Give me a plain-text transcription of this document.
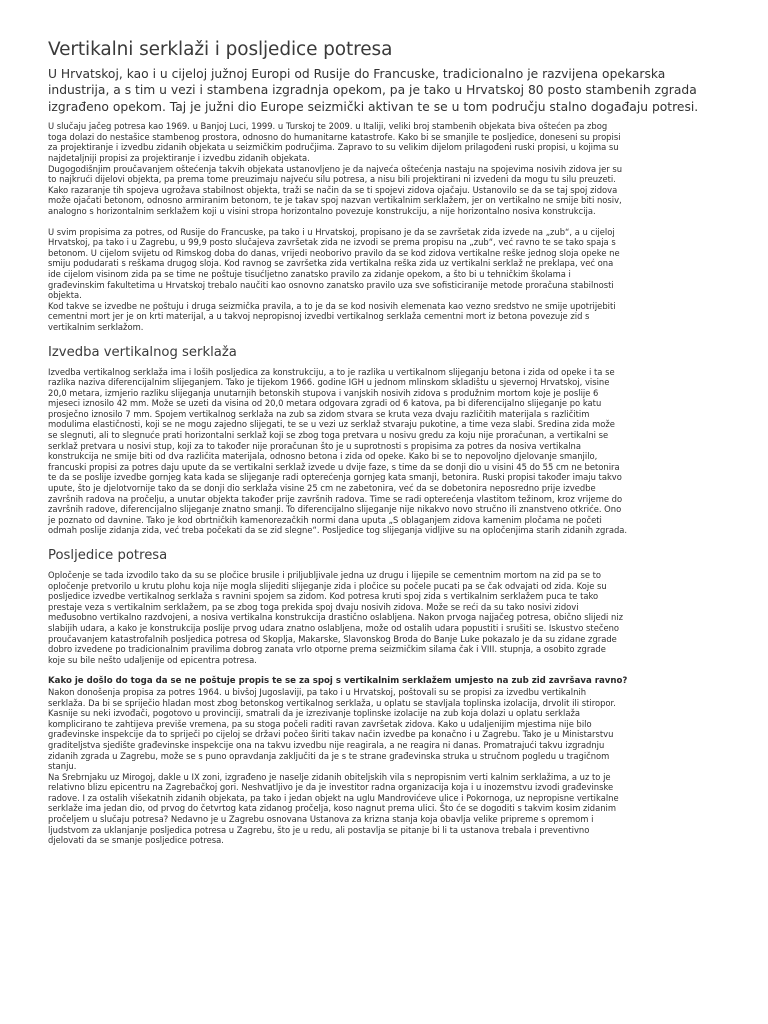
Vertikalni serklaži i posljedice potresa

U Hrvatskoj, kao i u cijeloj južnoj Europi od Rusije do Francuske, tradicionalno je razvijena opekarska industrija, a s tim u vezi i stambena izgradnja opekom, pa je tako u Hrvatskoj 80 posto stambenih zgrada izgrađeno opekom. Taj je južni dio Europe seizmički aktivan te se u tom području stalno događaju potresi.

U slučaju jačeg potresa kao 1969. u Banjoj Luci, 1999. u Turskoj te 2009. u Italiji, veliki broj stambenih objekata biva oštećen pa zbog
toga dolazi do nestašice stambenog prostora, odnosno do humanitarne katastrofe. Kako bi se smanjile te posljedice, doneseni su propisi
za projektiranje i izvedbu zidanih objekata u seizmičkim područjima. Zapravo to su velikim dijelom prilagođeni ruski propisi, u kojima su
najdetaljniji propisi za projektiranje i izvedbu zidanih objekata.
Dugogodišnjim proučavanjem oštećenja takvih objekata ustanovljeno je da najveća oštećenja nastaju na spojevima nosivih zidova jer su
to najkrući dijelovi objekta, pa prema tome preuzimaju najveću silu potresa, a nisu bili projektirani ni izvedeni da mogu tu silu preuzeti.
Kako razaranje tih spojeva ugrožava stabilnost objekta, traži se način da se ti spojevi zidova ojačaju. Ustanovilo se da se taj spoj zidova
može ojačati betonom, odnosno armiranim betonom, te je takav spoj nazvan vertikalnim serklažem, jer on vertikalno ne smije biti nosiv,
analogno s horizontalnim serklažem koji u visini stropa horizontalno povezuje konstrukciju, a nije horizontalno nosiva konstrukcija.

U svim propisima za potres, od Rusije do Francuske, pa tako i u Hrvatskoj, propisano je da se završetak zida izvede na „zub“, a u cijeloj
Hrvatskoj, pa tako i u Zagrebu, u 99,9 posto slučajeva završetak zida ne izvodi se prema propisu na „zub“, već ravno te se tako spaja s
betonom. U cijelom svijetu od Rimskog doba do danas, vrijedi neoborivo pravilo da se kod zidova vertikalne reške jednog sloja opeke ne
smiju podudarati s reškama drugog sloja. Kod ravnog se završetka zida vertikalna reška zida uz vertikalni serklaž ne preklapa, već ona
ide cijelom visinom zida pa se time ne poštuje tisućljetno zanatsko pravilo za zidanje opekom, a što bi u tehničkim školama i
građevinskim fakultetima u Hrvatskoj trebalo naučiti kao osnovno zanatsko pravilo uza sve sofisticiranije metode proračuna stabilnosti
objekta.
Kod takve se izvedbe ne poštuju i druga seizmička pravila, a to je da se kod nosivih elemenata kao vezno sredstvo ne smije upotrijebiti
cementni mort jer je on krti materijal, a u takvoj nepropisnoj izvedbi vertikalnog serklaža cementni mort iz betona povezuje zid s
vertikalnim serklažom.

Izvedba vertikalnog serklaža

Izvedba vertikalnog serklaža ima i loših posljedica za konstrukciju, a to je razlika u vertikalnom slijeganju betona i zida od opeke i ta se
razlika naziva diferencijalnim slijeganjem. Tako je tijekom 1966. godine IGH u jednom mlinskom skladištu u sjevernoj Hrvatskoj, visine
20,0 metara, izmjerio razliku slijeganja unutarnjih betonskih stupova i vanjskih nosivih zidova s produžnim mortom koje je poslije 6
mjeseci iznosilo 42 mm. Može se uzeti da visina od 20,0 metara odgovara zgradi od 6 katova, pa bi diferencijalno slijeganje po katu
prosječno iznosilo 7 mm. Spojem vertikalnog serklaža na zub sa zidom stvara se kruta veza dvaju različitih materijala s različitim
modulima elastičnosti, koji se ne mogu zajedno slijegati, te se u vezi uz serklaž stvaraju pukotine, a time veza slabi. Sredina zida može
se slegnuti, ali to slegnuće prati horizontalni serklaž koji se zbog toga pretvara u nosivu gredu za koju nije proračunan, a vertikalni se
serklaž pretvara u nosivi stup, koji za to također nije proračunan što je u suprotnosti s propisima za potres da nosiva vertikalna
konstrukcija ne smije biti od dva različita materijala, odnosno betona i zida od opeke. Kako bi se to nepovoljno djelovanje smanjilo,
francuski propisi za potres daju upute da se vertikalni serklaž izvede u dvije faze, s time da se donji dio u visini 45 do 55 cm ne betonira
te da se poslije izvedbe gornjeg kata kada se slijeganje radi opterećenja gornjeg kata smanji, betonira. Ruski propisi također imaju takvo
upute, što je djelotvornije tako da se donji dio serklaža visine 25 cm ne zabetonira, već da se dobetonira neposredno prije izvedbe
završnih radova na pročelju, a unutar objekta također prije završnih radova. Time se radi opterećenja vlastitom težinom, kroz vrijeme do
završnih radove, diferencijalno slijeganje znatno smanji. To diferencijalno slijeganje nije nikakvo novo stručno ili znanstveno otkriće. Ono
je poznato od davnine. Tako je kod obrtničkih kamenorezačkih normi dana uputa „S oblaganjem zidova kamenim pločama ne početi
odmah poslije zidanja zida, već treba počekati da se zid slegne“. Posljedice tog slijeganja vidljive su na opločenjima starih zidanih zgrada.

Posljedice potresa

Opločenje se tada izvodilo tako da su se pločice brusile i priljubljivale jedna uz drugu i lijepile se cementnim mortom na zid pa se to
opločenje pretvorilo u krutu plohu koja nije mogla slijediti slijeganje zida i pločice su počele pucati pa se čak odvajati od zida. Koje su
posljedice izvedbe vertikalnog serklaža s ravnini spojem sa zidom. Kod potresa kruti spoj zida s vertikalnim serklažem puca te tako
prestaje veza s vertikalnim serklažem, pa se zbog toga prekida spoj dvaju nosivih zidova. Može se reći da su tako nosivi zidovi
međusobno vertikalno razdvojeni, a nosiva vertikalna konstrukcija drastično oslabljena. Nakon prvoga najjačeg potresa, obično slijedi niz
slabijih udara, a kako je konstrukcija poslije prvog udara znatno oslabljena, može od ostalih udara popustiti i srušiti se. Iskustvo stečeno
proučavanjem katastrofalnih posljedica potresa od Skoplja, Makarske, Slavonskog Broda do Banje Luke pokazalo je da su zidane zgrade
dobro izvedene po tradicionalnim pravilima dobrog zanata vrlo otporne prema seizmičkim silama čak i VIII. stupnja, a osobito zgrade
koje su bile nešto udaljenije od epicentra potresa.

Kako je došlo do toga da se ne poštuje propis te se za spoj s vertikalnim serklažem umjesto na zub zid završava ravno?

Nakon donošenja propisa za potres 1964. u bivšoj Jugoslaviji, pa tako i u Hrvatskoj, poštovali su se propisi za izvedbu vertikalnih
serklaža. Da bi se spriječio hladan most zbog betonskog vertikalnog serklaža, u oplatu se stavljala toplinska izolacija, drvolit ili stiropor.
Kasnije su neki izvođači, pogotovo u provinciji, smatrali da je izrezivanje toplinske izolacije na zub koja dolazi u oplatu serklaža
komplicirano te zahtijeva previše vremena, pa su stoga počeli raditi ravan završetak zidova. Kako u udaljenijim mjestima nije bilo
građevinske inspekcije da to spriječi po cijeloj se državi počeo širiti takav način izvedbe pa konačno i u Zagrebu. Tako je u Ministarstvu
graditeljstva sjedište građevinske inspekcije ona na takvu izvedbu nije reagirala, a ne reagira ni danas. Promatrajući takvu izgradnju
zidanih zgrada u Zagrebu, može se s puno opravdanja zaključiti da je s te strane građevinska struka u stručnom pogledu u tragičnom
stanju.
Na Srebrnjaku uz Mirogoj, dakle u IX zoni, izgrađeno je naselje zidanih obiteljskih vila s nepropisnim verti kalnim serklažima, a uz to je
relativno blizu epicentru na Zagrebačkoj gori. Neshvatljivo je da je investitor radna organizacija koja i u inozemstvu izvodi građevinske
radove. I za ostalih višekatnih zidanih objekata, pa tako i jedan objekt na uglu Mandrovićeve ulice i Pokornoga, uz nepropisne vertikalne
serklaže ima jedan dio, od prvog do četvrtog kata zidanog pročelja, koso nagnut prema ulici. Što će se dogoditi s takvim kosim zidanim
pročeljem u slučaju potresa? Nedavno je u Zagrebu osnovana Ustanova za krizna stanja koja obavlja velike pripreme s opremom i
ljudstvom za uklanjanje posljedica potresa u Zagrebu, što je u redu, ali postavlja se pitanje bi li ta ustanova trebala i preventivno
djelovati da se smanje posljedice potresa.
